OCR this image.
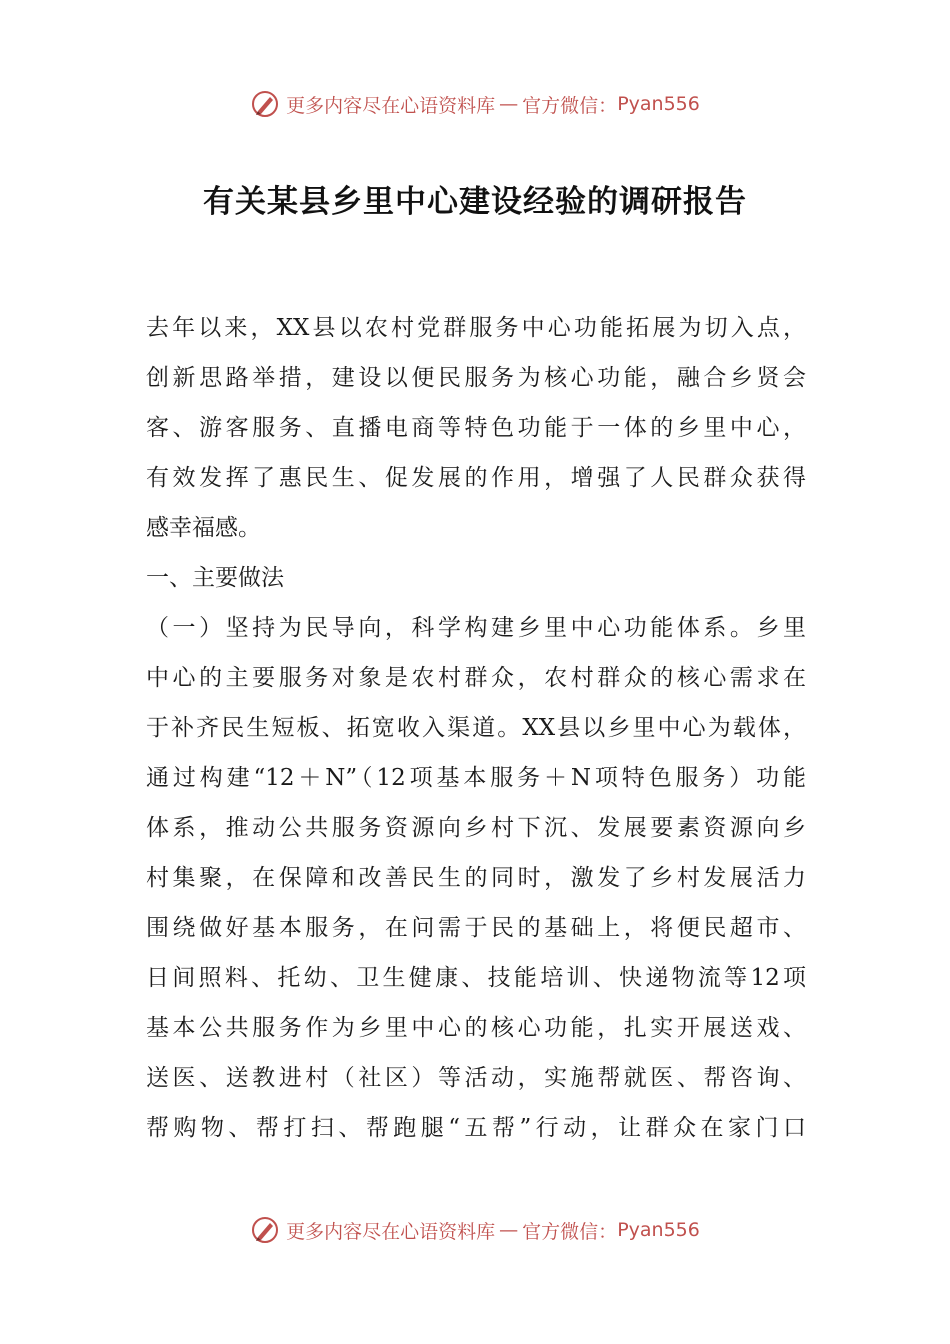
更多内容尽在心语资料库 — 官方微信： Pyan556
有关某县乡里中心建设经验的调研报告
去年以来，XX县以农村党群服务中心功能拓展为切入点，
创新思路举措，建设以便民服务为核心功能，融合乡贤会
客、游客服务、直播电商等特色功能于一体的乡里中心，
有效发挥了惠民生、促发展的作用，增强了人民群众获得
感幸福感。
一、主要做法
（一）坚持为民导向，科学构建乡里中心功能体系。乡里
中心的主要服务对象是农村群众，农村群众的核心需求在
于补齐民生短板、拓宽收入渠道。XX县以乡里中心为载体，
通过构建“12＋N”（12项基本服务＋N项特色服务）功能
体系，推动公共服务资源向乡村下沉、发展要素资源向乡
村集聚，在保障和改善民生的同时，激发了乡村发展活力
围绕做好基本服务，在问需于民的基础上，将便民超市、
日间照料、托幼、卫生健康、技能培训、快递物流等12项
基本公共服务作为乡里中心的核心功能，扎实开展送戏、
送医、送教进村（社区）等活动，实施帮就医、帮咨询、
帮购物、帮打扫、帮跑腿“五帮”行动，让群众在家门口
更多内容尽在心语资料库 — 官方微信： Pyan556
